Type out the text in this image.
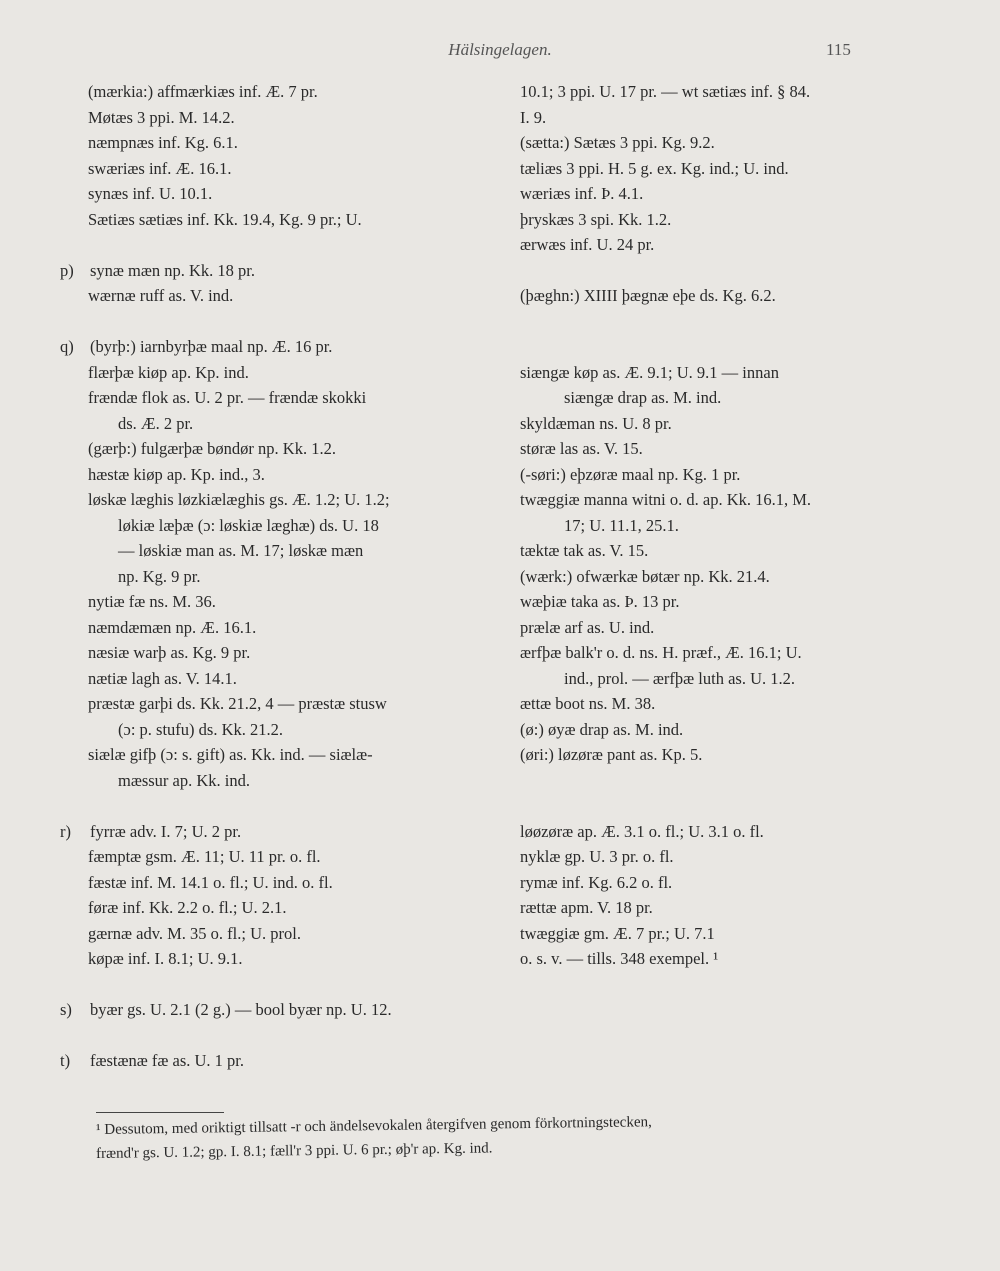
Hälsingelagen.	115
(mærkia:) affmærkiæs inf. Æ. 7 pr.
Møtæs 3 ppi. M. 14.2.
næmpnæs inf. Kg. 6.1.
swæriæs inf. Æ. 16.1.
synæs inf. U. 10.1.
Sætiæs sætiæs inf. Kk. 19.4, Kg. 9 pr.; U.
p) synæ mæn np. Kk. 18 pr.
wærnæ ruff as. V. ind.
q) (byrþ:) iarnbyrþæ maal np. Æ. 16 pr.
flærþæ kiøp ap. Kp. ind.
frændæ flok as. U. 2 pr. — frændæ skokki
ds. Æ. 2 pr.
(gærþ:) fulgærþæ bøndør np. Kk. 1.2.
hæstæ kiøp ap. Kp. ind., 3.
løskæ læghis løzkiælæghis gs. Æ. 1.2; U. 1.2;
løkiæ læþæ (ɔ: løskiæ læghæ) ds. U. 18
— løskiæ man as. M. 17; løskæ mæn
np. Kg. 9 pr.
nytiæ fæ ns. M. 36.
næmdæmæn np. Æ. 16.1.
næsiæ warþ as. Kg. 9 pr.
nætiæ lagh as. V. 14.1.
præstæ garþi ds. Kk. 21.2, 4 — præstæ stusw
(ɔ: p. stufu) ds. Kk. 21.2.
siælæ gifþ (ɔ: s. gift) as. Kk. ind. — siælæ-
mæssur ap. Kk. ind.
r) fyrræ adv. I. 7; U. 2 pr.
fæmptæ gsm. Æ. 11; U. 11 pr. o. fl.
fæstæ inf. M. 14.1 o. fl.; U. ind. o. fl.
føræ inf. Kk. 2.2 o. fl.; U. 2.1.
gærnæ adv. M. 35 o. fl.; U. prol.
køpæ inf. I. 8.1; U. 9.1.
s) byær gs. U. 2.1 (2 g.) — bool byær np. U. 12.
t) fæstænæ fæ as. U. 1 pr.
10.1; 3 ppi. U. 17 pr. — wt sætiæs inf. § 84.
I. 9.
(sætta:) Sætæs 3 ppi. Kg. 9.2.
tæliæs 3 ppi. H. 5 g. ex. Kg. ind.; U. ind.
wæriæs inf. Þ. 4.1.
þryskæs 3 spi. Kk. 1.2.
ærwæs inf. U. 24 pr.
(þæghn:) XIIII þægnæ eþe ds. Kg. 6.2.
siængæ køp as. Æ. 9.1; U. 9.1 — innan
siængæ drap as. M. ind.
skyldæman ns. U. 8 pr.
støræ las as. V. 15.
(-søri:) eþzøræ maal np. Kg. 1 pr.
twæggiæ manna witni o. d. ap. Kk. 16.1, M.
17; U. 11.1, 25.1.
tæktæ tak as. V. 15.
(wærk:) ofwærkæ bøtær np. Kk. 21.4.
wæþiæ taka as. Þ. 13 pr.
prælæ arf as. U. ind.
ærfþæ balk'r o. d. ns. H. præf., Æ. 16.1; U.
ind., prol. — ærfþæ luth as. U. 1.2.
ættæ boot ns. M. 38.
(ø:) øyæ drap as. M. ind.
(øri:) løzøræ pant as. Kp. 5.
løøzøræ ap. Æ. 3.1 o. fl.; U. 3.1 o. fl.
nyklæ gp. U. 3 pr. o. fl.
rymæ inf. Kg. 6.2 o. fl.
rættæ apm. V. 18 pr.
twæggiæ gm. Æ. 7 pr.; U. 7.1
o. s. v. — tills. 348 exempel. ¹
¹ Dessutom, med oriktigt tillsatt -r och ändelsevokalen återgifven genom förkortningstecken,
frænd'r gs. U. 1.2; gp. I. 8.1; fæll'r 3 ppi. U. 6 pr.; øþ'r ap. Kg. ind.
